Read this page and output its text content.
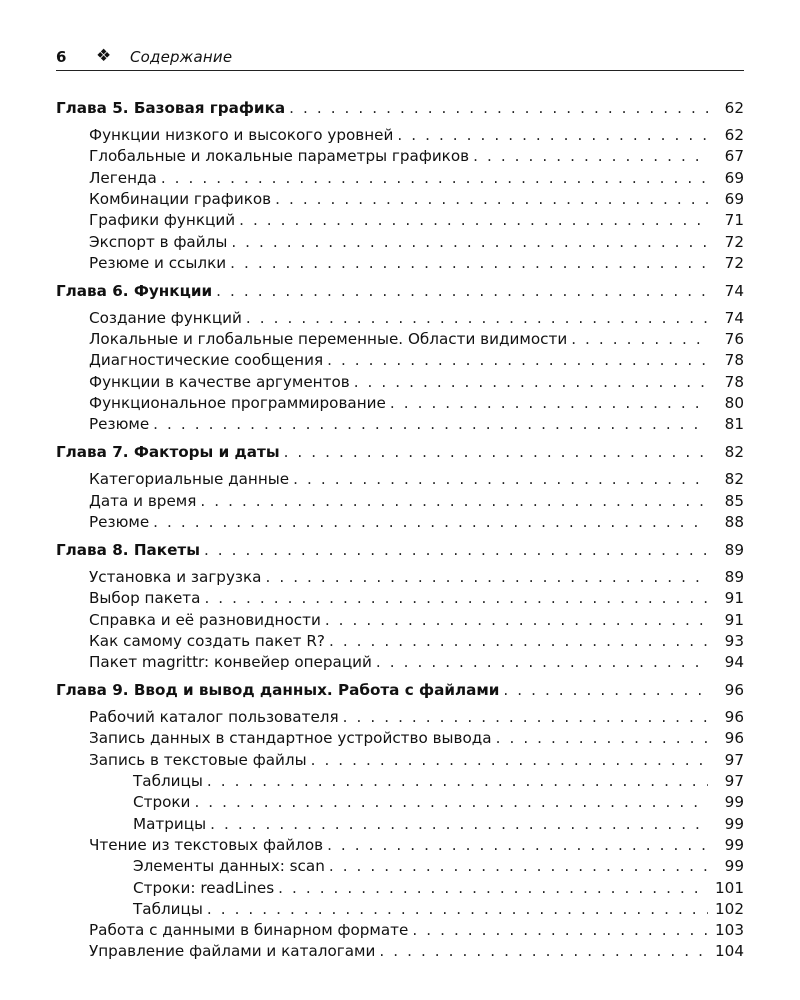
6 ❖ Содержание
Глава 5. Базовая графика . . .	62
Функции низкого и высокого уровней . . .	62
Глобальные и локальные параметры графиков . . .	67
Легенда . . .	69
Комбинации графиков . . .	69
Графики функций . . .	71
Экспорт в файлы . . .	72
Резюме и ссылки . . .	72
Глава 6. Функции . . .	74
Создание функций . . .	74
Локальные и глобальные переменные. Области видимости . . .	76
Диагностические сообщения . . .	78
Функции в качестве аргументов . . .	78
Функциональное программирование . . .	80
Резюме . . .	81
Глава 7. Факторы и даты . . .	82
Категориальные данные . . .	82
Дата и время . . .	85
Резюме . . .	88
Глава 8. Пакеты . . .	89
Установка и загрузка . . .	89
Выбор пакета . . .	91
Справка и её разновидности . . .	91
Как самому создать пакет R? . . .	93
Пакет magrittr: конвейер операций . . .	94
Глава 9. Ввод и вывод данных. Работа с файлами . . .	96
Рабочий каталог пользователя . . .	96
Запись данных в стандартное устройство вывода . . .	96
Запись в текстовые файлы . . .	97
Таблицы . . .	97
Строки . . .	99
Матрицы . . .	99
Чтение из текстовых файлов . . .	99
Элементы данных: scan . . .	99
Строки: readLines . . .	101
Таблицы . . .	102
Работа с данными в бинарном формате . . .	103
Управление файлами и каталогами . . .	104
